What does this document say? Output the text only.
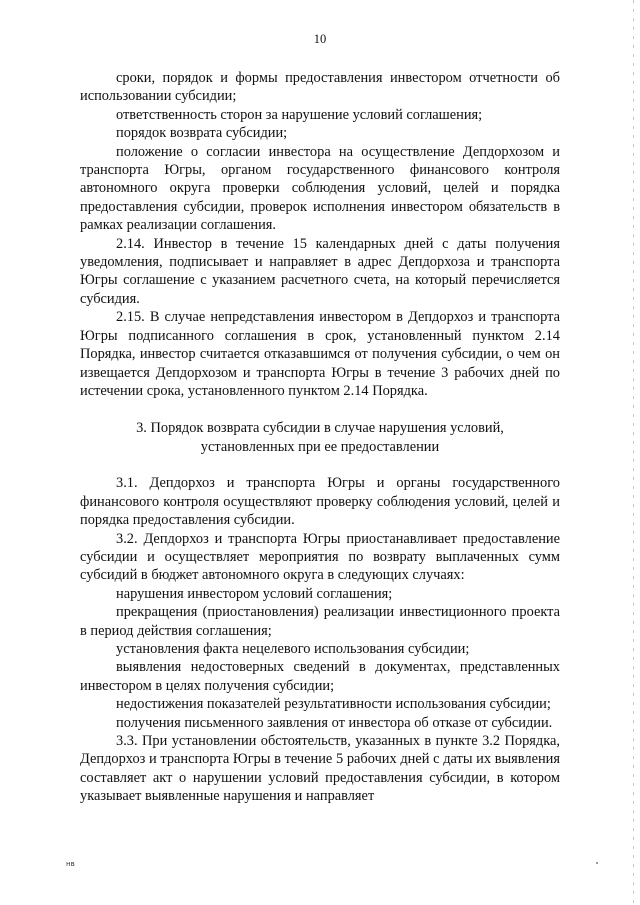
10

сроки, порядок и формы предоставления инвестором отчетности об использовании субсидии;

ответственность сторон за нарушение условий соглашения;

порядок возврата субсидии;

положение о согласии инвестора на осуществление Депдорхозом и транспорта Югры, органом государственного финансового контроля автономного округа проверки соблюдения условий, целей и порядка предоставления субсидии, проверок исполнения инвестором обязательств в рамках реализации соглашения.

2.14. Инвестор в течение 15 календарных дней с даты получения уведомления, подписывает и направляет в адрес Депдорхоза и транспорта Югры соглашение с указанием расчетного счета, на который перечисляется субсидия.

2.15. В случае непредставления инвестором в Депдорхоз и транспорта Югры подписанного соглашения в срок, установленный пунктом 2.14 Порядка, инвестор считается отказавшимся от получения субсидии, о чем он извещается Депдорхозом и транспорта Югры в течение 3 рабочих дней по истечении срока, установленного пунктом 2.14 Порядка.

3. Порядок возврата субсидии в случае нарушения условий,
установленных при ее предоставлении

3.1. Депдорхоз и транспорта Югры и органы государственного финансового контроля осуществляют проверку соблюдения условий, целей и порядка предоставления субсидии.

3.2. Депдорхоз и транспорта Югры приостанавливает предоставление субсидии и осуществляет мероприятия по возврату выплаченных сумм субсидий в бюджет автономного округа в следующих случаях:

нарушения инвестором условий соглашения;

прекращения (приостановления) реализации инвестиционного проекта в период действия соглашения;

установления факта нецелевого использования субсидии;

выявления недостоверных сведений в документах, представленных инвестором в целях получения субсидии;

недостижения показателей результативности использования субсидии;

получения письменного заявления от инвестора об отказе от субсидии.

3.3. При установлении обстоятельств, указанных в пункте 3.2 Порядка, Депдорхоз и транспорта Югры в течение 5 рабочих дней с даты их выявления составляет акт о нарушении условий предоставления субсидии, в котором указывает выявленные нарушения и направляет

нв
